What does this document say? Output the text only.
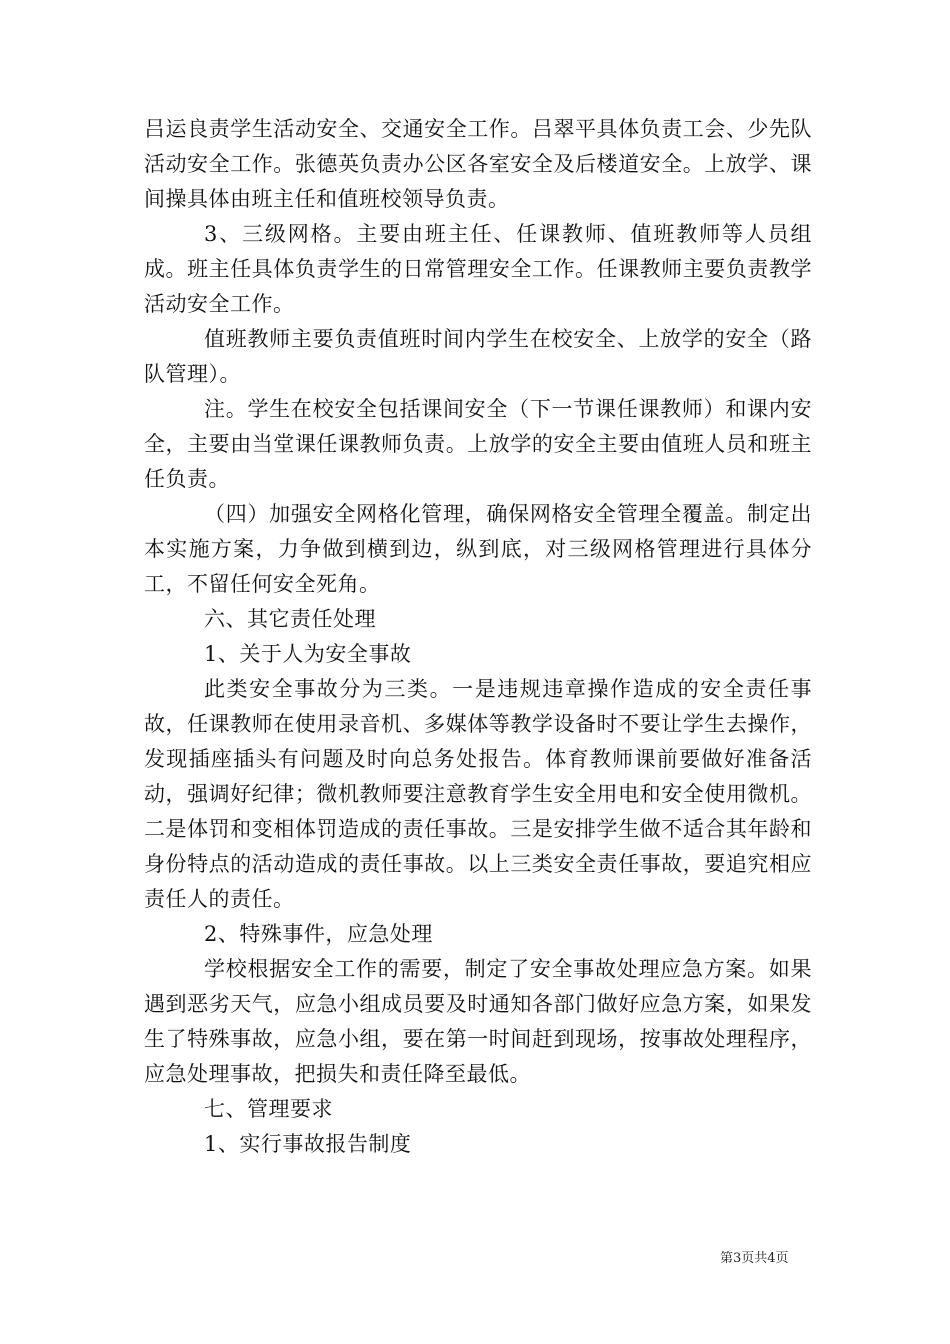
吕运良责学生活动安全、交通安全工作。吕翠平具体负责工会、少先队活动安全工作。张德英负责办公区各室安全及后楼道安全。上放学、课间操具体由班主任和值班校领导负责。

3、三级网格。主要由班主任、任课教师、值班教师等人员组成。班主任具体负责学生的日常管理安全工作。任课教师主要负责教学活动安全工作。

值班教师主要负责值班时间内学生在校安全、上放学的安全（路队管理）。

注。学生在校安全包括课间安全（下一节课任课教师）和课内安全，主要由当堂课任课教师负责。上放学的安全主要由值班人员和班主任负责。

（四）加强安全网格化管理，确保网格安全管理全覆盖。制定出本实施方案，力争做到横到边，纵到底，对三级网格管理进行具体分工，不留任何安全死角。

六、其它责任处理

1、关于人为安全事故

此类安全事故分为三类。一是违规违章操作造成的安全责任事故，任课教师在使用录音机、多媒体等教学设备时不要让学生去操作，发现插座插头有问题及时向总务处报告。体育教师课前要做好准备活动，强调好纪律；微机教师要注意教育学生安全用电和安全使用微机。二是体罚和变相体罚造成的责任事故。三是安排学生做不适合其年龄和身份特点的活动造成的责任事故。以上三类安全责任事故，要追究相应责任人的责任。

2、特殊事件，应急处理

学校根据安全工作的需要，制定了安全事故处理应急方案。如果遇到恶劣天气，应急小组成员要及时通知各部门做好应急方案，如果发生了特殊事故，应急小组，要在第一时间赶到现场，按事故处理程序，应急处理事故，把损失和责任降至最低。

七、管理要求

1、实行事故报告制度

第3页共4页
